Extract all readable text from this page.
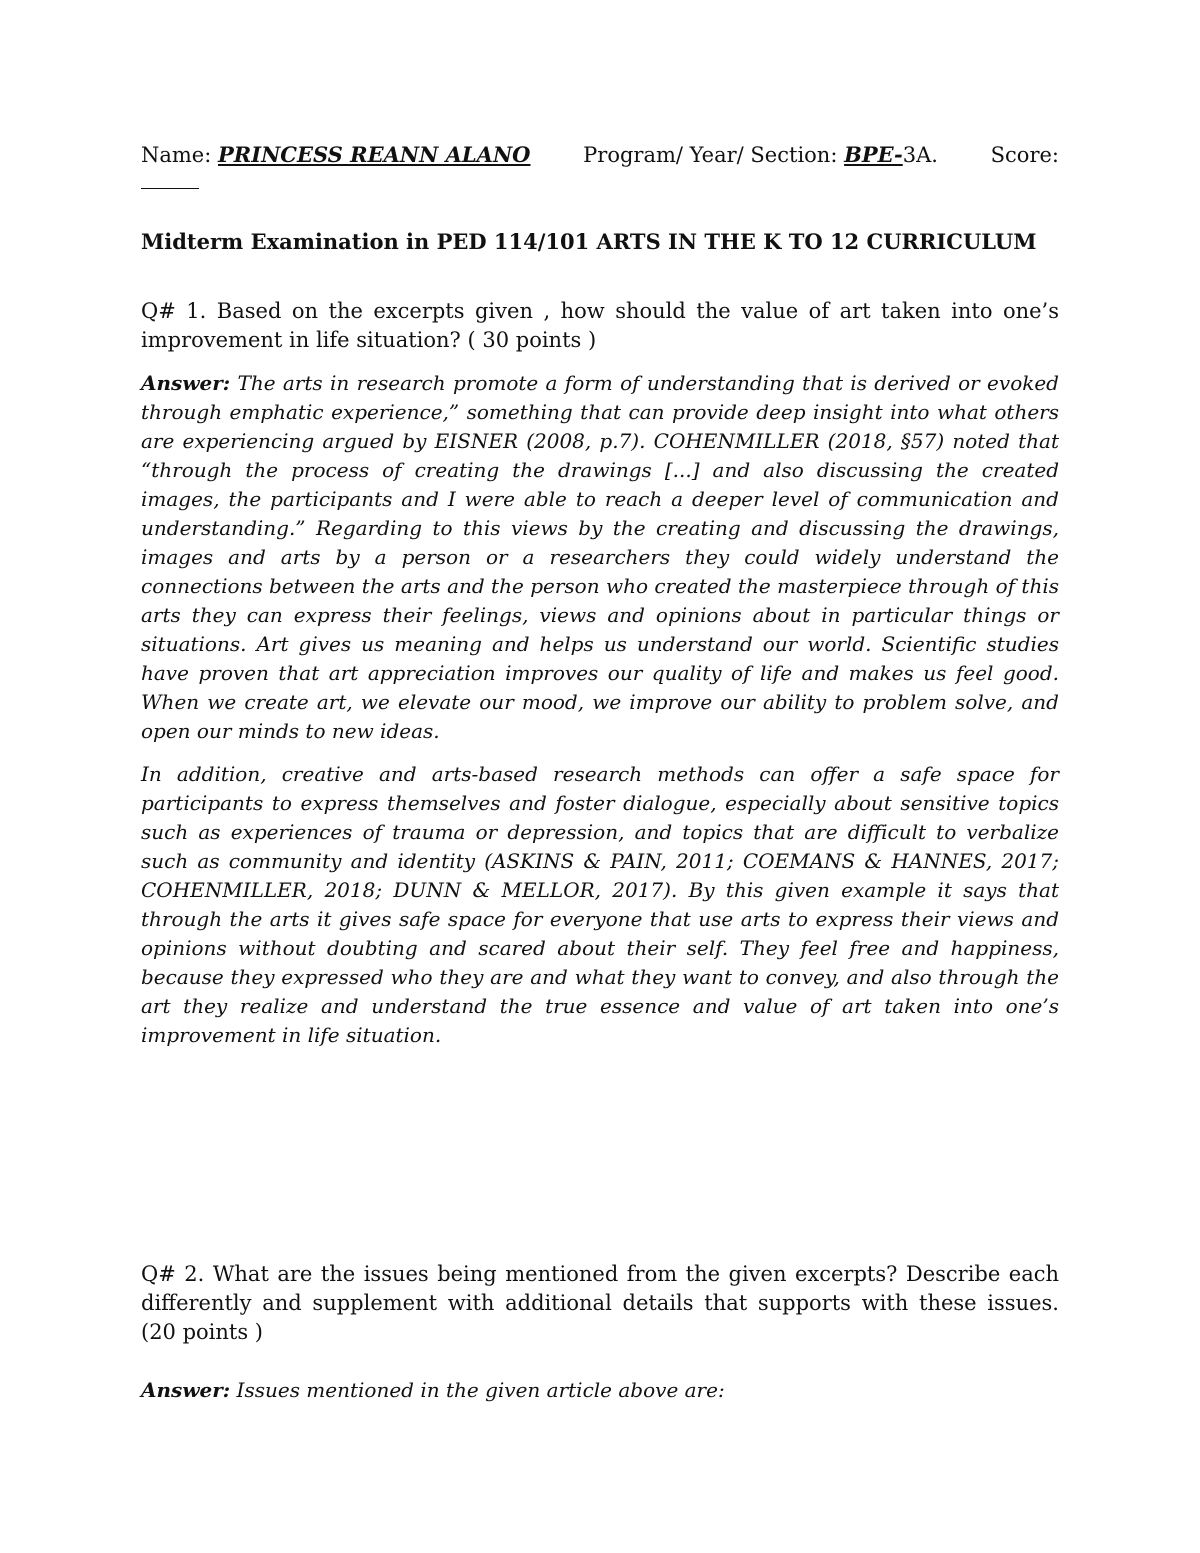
Name: PRINCESS REANN ALANO	Program/ Year/ Section: BPE-3A.	Score:
Midterm Examination in PED 114/101 ARTS IN THE K TO 12 CURRICULUM
Q# 1. Based on the excerpts given , how should the value of art taken into one’s improvement in life situation? ( 30 points )
Answer: The arts in research promote a form of understanding that is derived or evoked through emphatic experience,” something that can provide deep insight into what others are experiencing argued by EISNER (2008, p.7). COHENMILLER (2018, §57) noted that “through the process of creating the drawings [...] and also discussing the created images, the participants and I were able to reach a deeper level of communication and understanding.” Regarding to this views by the creating and discussing the drawings, images and arts by a person or a researchers they could widely understand the connections between the arts and the person who created the masterpiece through of this arts they can express their feelings, views and opinions about in particular things or situations. Art gives us meaning and helps us understand our world. Scientific studies have proven that art appreciation improves our quality of life and makes us feel good. When we create art, we elevate our mood, we improve our ability to problem solve, and open our minds to new ideas.
In addition, creative and arts-based research methods can offer a safe space for participants to express themselves and foster dialogue, especially about sensitive topics such as experiences of trauma or depression, and topics that are difficult to verbalize such as community and identity (ASKINS & PAIN, 2011; COEMANS & HANNES, 2017; COHENMILLER, 2018; DUNN & MELLOR, 2017). By this given example it says that through the arts it gives safe space for everyone that use arts to express their views and opinions without doubting and scared about their self. They feel free and happiness, because they expressed who they are and what they want to convey, and also through the art they realize and understand the true essence and value of art taken into one’s improvement in life situation.
Q# 2. What are the issues being mentioned from the given excerpts? Describe each differently and supplement with additional details that supports with these issues. (20 points )
Answer: Issues mentioned in the given article above are:
